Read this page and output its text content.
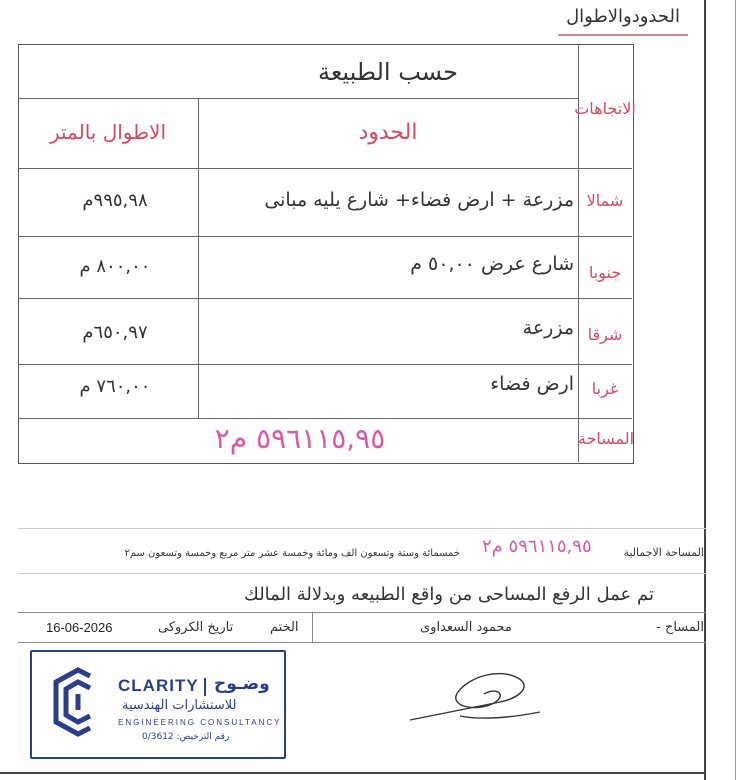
الحدودوالاطوال
حسب الطبيعة
الاتجاهات
الحدود
الاطوال بالمتر
شمالا
مزرعة + ارض فضاء+ شارع يليه مبانى
٩٩٥,٩٨م
جنوبا
شارع عرض ٥٠,٠٠ م
٨٠٠,٠٠ م
شرقا
مزرعة
٦٥٠,٩٧م
غربا
ارض فضاء
٧٦٠,٠٠ م
المساحة
٥٩٦١١٥,٩٥ م٢
المساحة الاجمالية
٥٩٦١١٥,٩٥ م٢
خمسمائة وستة وتسعون الف ومائة وخمسة عشر متر مربع وخمسة وتسعون سم٢
تم عمل الرفع المساحى من واقع الطبيعه وبدلالة المالك
المساح -
محمود السعداوى
الختم
تاريخ الكروكى
16-06-2026
CLARITY وضـوح
للاستشارات الهندسية
ENGINEERING CONSULTANCY
رقم الترخيص: 0/3612
